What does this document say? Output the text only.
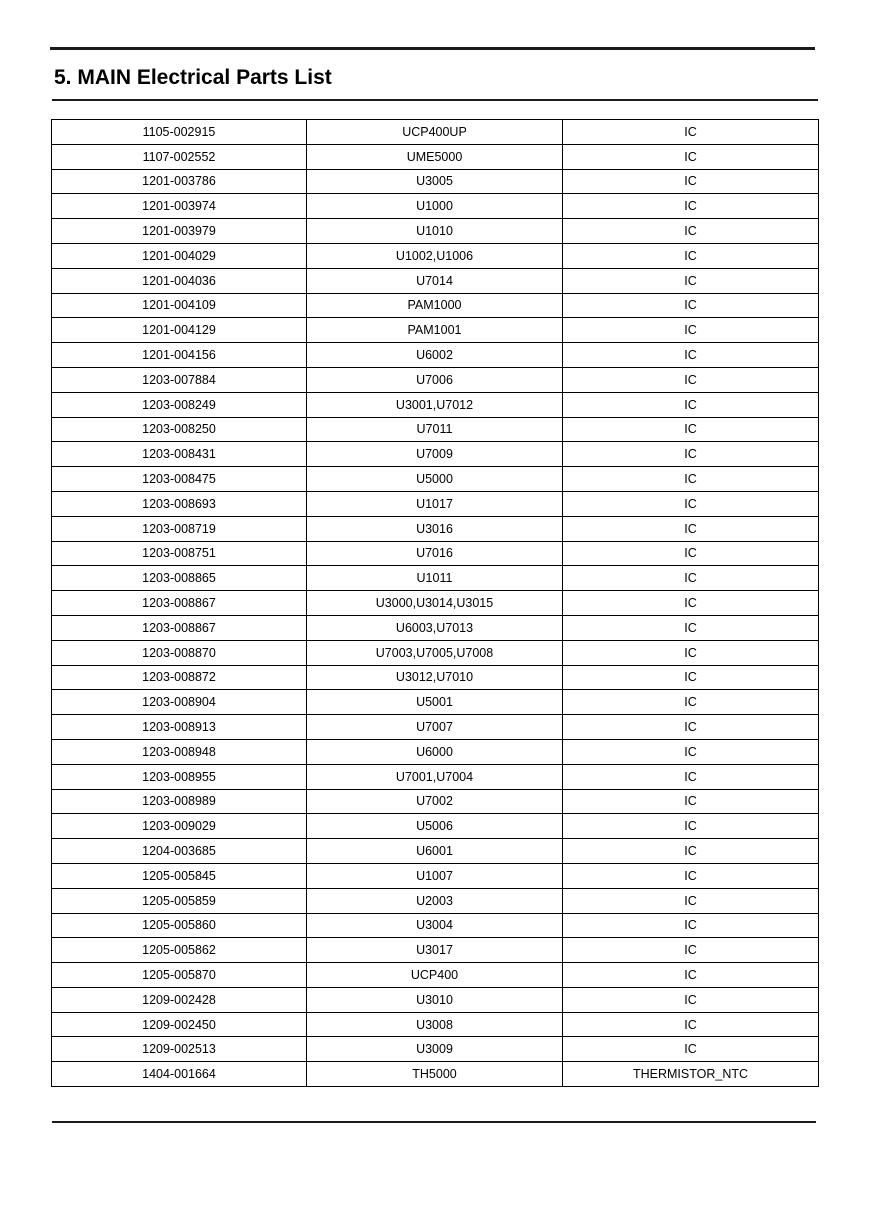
5. MAIN Electrical Parts List
1105-002915	UCP400UP	IC
1107-002552	UME5000	IC
1201-003786	U3005	IC
1201-003974	U1000	IC
1201-003979	U1010	IC
1201-004029	U1002,U1006	IC
1201-004036	U7014	IC
1201-004109	PAM1000	IC
1201-004129	PAM1001	IC
1201-004156	U6002	IC
1203-007884	U7006	IC
1203-008249	U3001,U7012	IC
1203-008250	U7011	IC
1203-008431	U7009	IC
1203-008475	U5000	IC
1203-008693	U1017	IC
1203-008719	U3016	IC
1203-008751	U7016	IC
1203-008865	U1011	IC
1203-008867	U3000,U3014,U3015	IC
1203-008867	U6003,U7013	IC
1203-008870	U7003,U7005,U7008	IC
1203-008872	U3012,U7010	IC
1203-008904	U5001	IC
1203-008913	U7007	IC
1203-008948	U6000	IC
1203-008955	U7001,U7004	IC
1203-008989	U7002	IC
1203-009029	U5006	IC
1204-003685	U6001	IC
1205-005845	U1007	IC
1205-005859	U2003	IC
1205-005860	U3004	IC
1205-005862	U3017	IC
1205-005870	UCP400	IC
1209-002428	U3010	IC
1209-002450	U3008	IC
1209-002513	U3009	IC
1404-001664	TH5000	THERMISTOR_NTC
